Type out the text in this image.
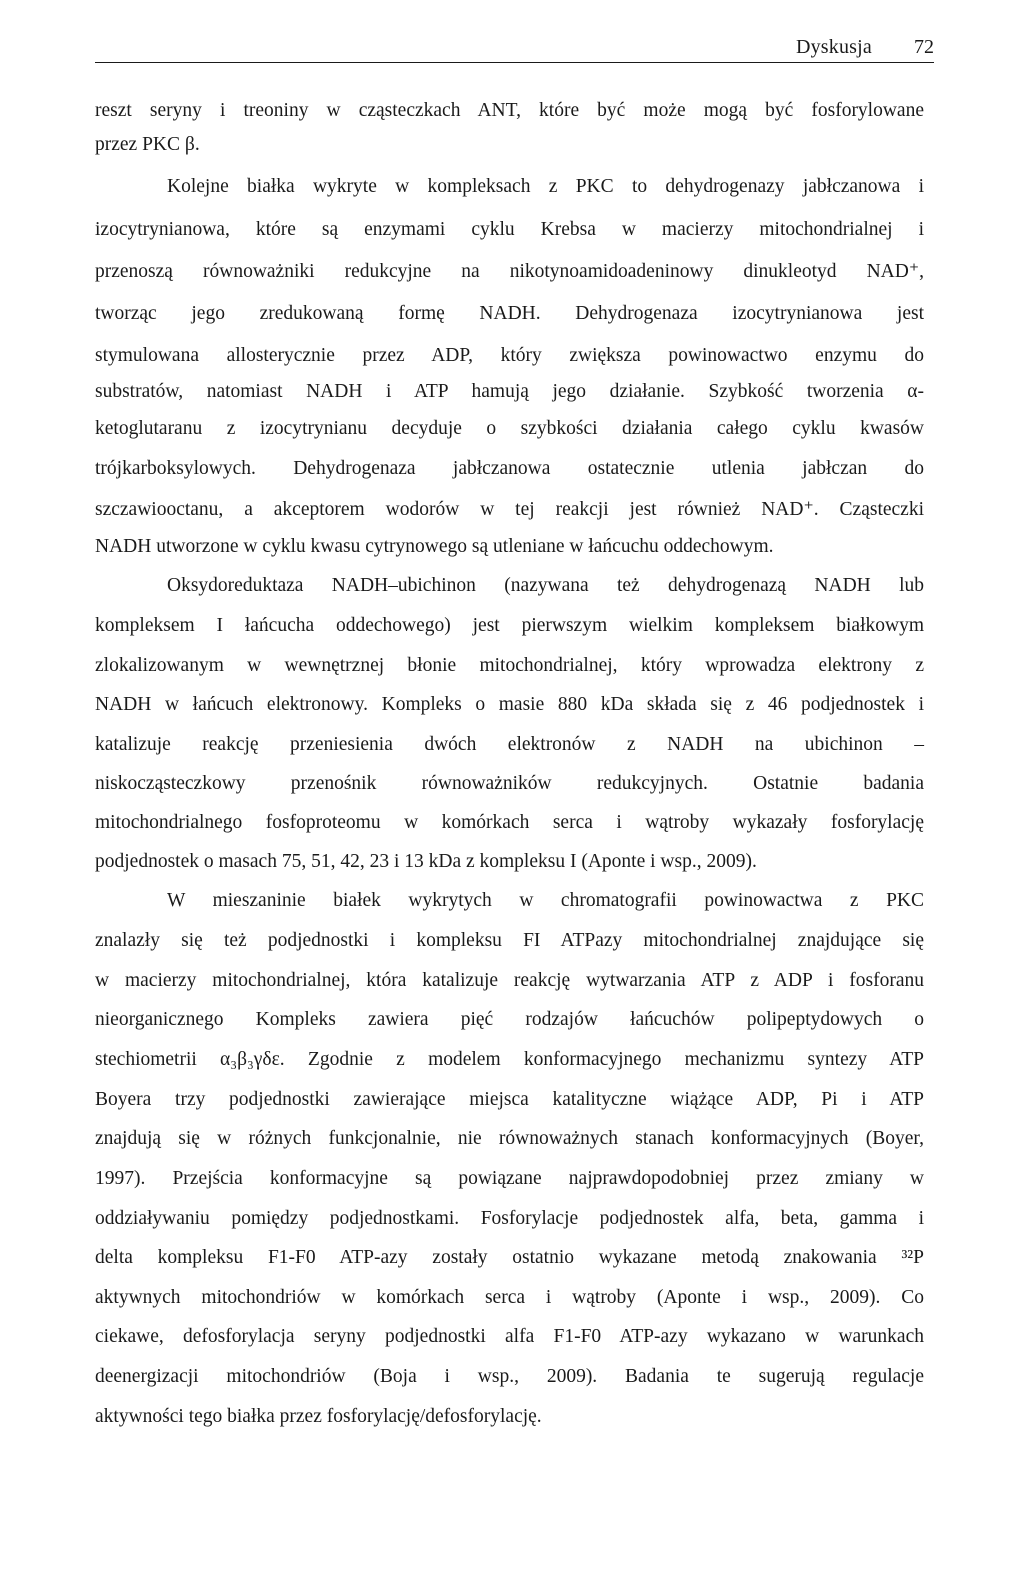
Dyskusja 72
reszt seryny i treoniny w cząsteczkach ANT, które być może mogą być fosforylowane
przez PKC β.
Kolejne białka wykryte w kompleksach z PKC to dehydrogenazy jabłczanowa i
izocytrynianowa, które są enzymami cyklu Krebsa w macierzy mitochondrialnej i
przenoszą równoważniki redukcyjne na nikotynoamidoadeninowy dinukleotyd NAD⁺,
tworząc jego zredukowaną formę NADH. Dehydrogenaza izocytrynianowa jest
stymulowana allosterycznie przez ADP, który zwiększa powinowactwo enzymu do
substratów, natomiast NADH i ATP hamują jego działanie. Szybkość tworzenia α-
ketoglutaranu z izocytrynianu decyduje o szybkości działania całego cyklu kwasów
trójkarboksylowych. Dehydrogenaza jabłczanowa ostatecznie utlenia jabłczan do
szczawiooctanu, a akceptorem wodorów w tej reakcji jest również NAD⁺. Cząsteczki
NADH utworzone w cyklu kwasu cytrynowego są utleniane w łańcuchu oddechowym.
Oksydoreduktaza NADH–ubichinon (nazywana też dehydrogenazą NADH lub
kompleksem I łańcucha oddechowego) jest pierwszym wielkim kompleksem białkowym
zlokalizowanym w wewnętrznej błonie mitochondrialnej, który wprowadza elektrony z
NADH w łańcuch elektronowy. Kompleks o masie 880 kDa składa się z 46 podjednostek i
katalizuje reakcję przeniesienia dwóch elektronów z NADH na ubichinon –
niskocząsteczkowy przenośnik równoważników redukcyjnych. Ostatnie badania
mitochondrialnego fosfoproteomu w komórkach serca i wątroby wykazały fosforylację
podjednostek o masach 75, 51, 42, 23 i 13 kDa z kompleksu I (Aponte i wsp., 2009).
W mieszaninie białek wykrytych w chromatografii powinowactwa z PKC
znalazły się też podjednostki i kompleksu FI ATPazy mitochondrialnej znajdujące się
w macierzy mitochondrialnej, która katalizuje reakcję wytwarzania ATP z ADP i fosforanu
nieorganicznego Kompleks zawiera pięć rodzajów łańcuchów polipeptydowych o
stechiometrii α₃β₃γδε. Zgodnie z modelem konformacyjnego mechanizmu syntezy ATP
Boyera trzy podjednostki zawierające miejsca katalityczne wiążące ADP, Pi i ATP
znajdują się w różnych funkcjonalnie, nie równoważnych stanach konformacyjnych (Boyer,
1997). Przejścia konformacyjne są powiązane najprawdopodobniej przez zmiany w
oddziaływaniu pomiędzy podjednostkami. Fosforylacje podjednostek alfa, beta, gamma i
delta kompleksu F1-F0 ATP-azy zostały ostatnio wykazane metodą znakowania ³²P
aktywnych mitochondriów w komórkach serca i wątroby (Aponte i wsp., 2009). Co
ciekawe, defosforylacja seryny podjednostki alfa F1-F0 ATP-azy wykazano w warunkach
deenergizacji mitochondriów (Boja i wsp., 2009). Badania te sugerują regulacje
aktywności tego białka przez fosforylację/defosforylację.
